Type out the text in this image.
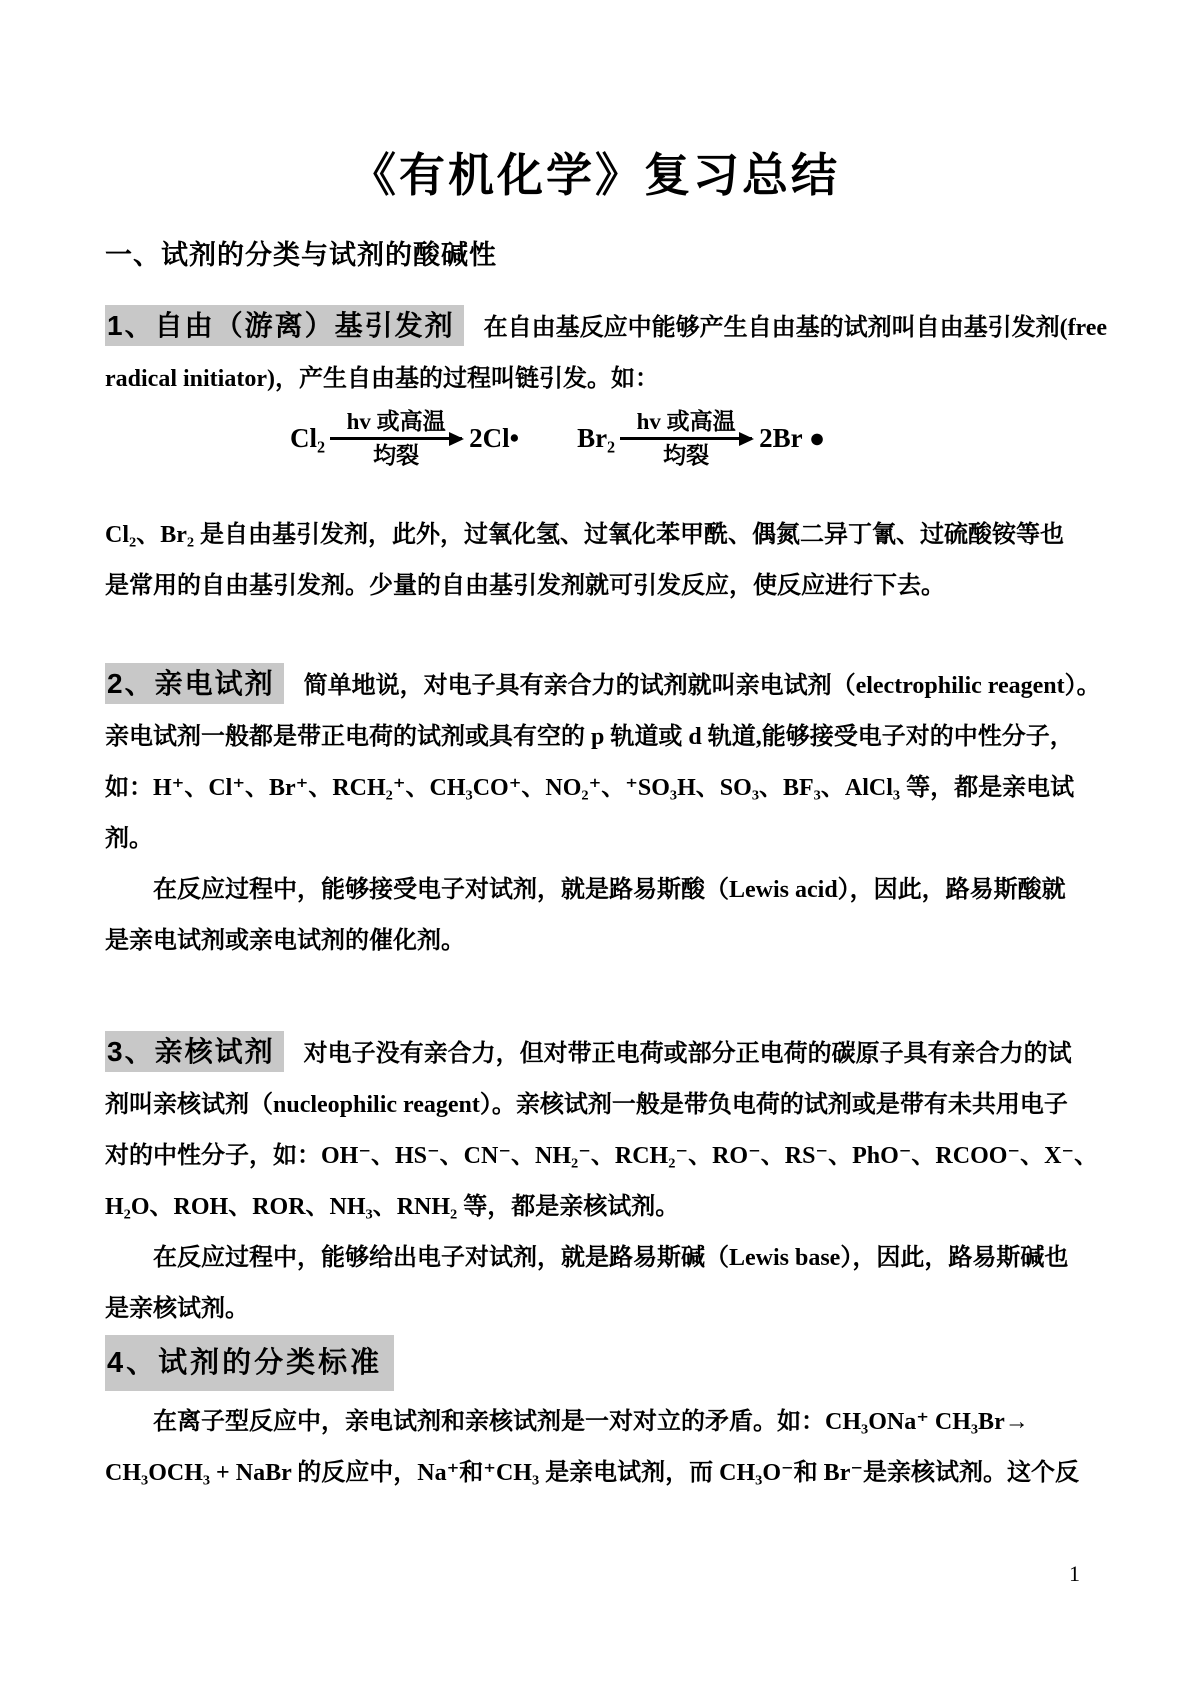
《有机化学》复习总结
一、试剂的分类与试剂的酸碱性

1、自由（游离）基引发剂 在自由基反应中能够产生自由基的试剂叫自由基引发剂(free
radical initiator)，产生自由基的过程叫链引发。如：

Cl₂
hv 或高温
均裂
2Cl• Br₂
hv 或高温
均裂
2Br ●

Cl₂、Br₂ 是自由基引发剂，此外，过氧化氢、过氧化苯甲酰、偶氮二异丁氰、过硫酸铵等也
是常用的自由基引发剂。少量的自由基引发剂就可引发反应，使反应进行下去。

2、亲电试剂 简单地说，对电子具有亲合力的试剂就叫亲电试剂（electrophilic reagent）。
亲电试剂一般都是带正电荷的试剂或具有空的 p 轨道或 d 轨道,能够接受电子对的中性分子，
如：H⁺、Cl⁺、Br⁺、RCH₂⁺、CH₃CO⁺、NO₂⁺、⁺SO₃H、SO₃、BF₃、AlCl₃ 等，都是亲电试
剂。
在反应过程中，能够接受电子对试剂，就是路易斯酸（Lewis acid），因此，路易斯酸就
是亲电试剂或亲电试剂的催化剂。

3、亲核试剂 对电子没有亲合力，但对带正电荷或部分正电荷的碳原子具有亲合力的试
剂叫亲核试剂（nucleophilic reagent）。亲核试剂一般是带负电荷的试剂或是带有未共用电子
对的中性分子，如：OH⁻、HS⁻、CN⁻、NH₂⁻、RCH₂⁻、RO⁻、RS⁻、PhO⁻、RCOO⁻、X⁻、
H₂O、ROH、ROR、NH₃、RNH₂ 等，都是亲核试剂。
在反应过程中，能够给出电子对试剂，就是路易斯碱（Lewis base），因此，路易斯碱也
是亲核试剂。

4、试剂的分类标准

在离子型反应中，亲电试剂和亲核试剂是一对对立的矛盾。如：CH₃ONa⁺ CH₃Br→
CH₃OCH₃ + NaBr 的反应中，Na⁺和⁺CH₃ 是亲电试剂，而 CH₃O⁻和 Br⁻是亲核试剂。这个反

1
